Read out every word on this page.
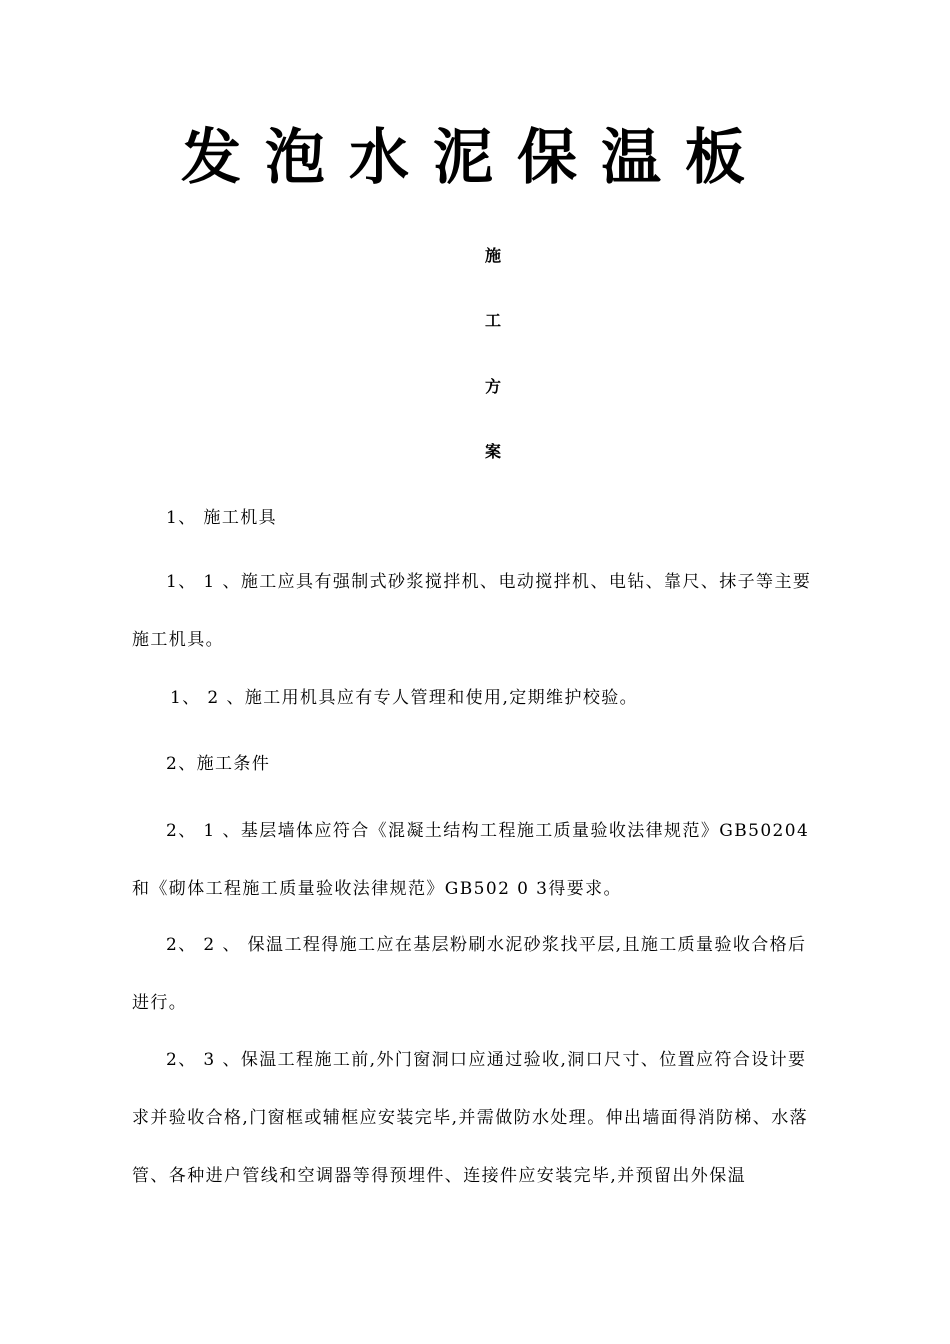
发泡水泥保温板
施
工
方
案
1、 施工机具
1、 1 、施工应具有强制式砂浆搅拌机、电动搅拌机、电钻、靠尺、抹子等主要施工机具。
1、 2 、施工用机具应有专人管理和使用,定期维护校验。
2、施工条件
2、 1 、基层墙体应符合《混凝土结构工程施工质量验收法律规范》GB50204和《砌体工程施工质量验收法律规范》GB502 0 3得要求。
2、 2 、 保温工程得施工应在基层粉刷水泥砂浆找平层,且施工质量验收合格后进行。
2、 3 、保温工程施工前,外门窗洞口应通过验收,洞口尺寸、位置应符合设计要求并验收合格,门窗框或辅框应安装完毕,并需做防水处理。伸出墙面得消防梯、水落管、各种进户管线和空调器等得预埋件、连接件应安装完毕,并预留出外保温
